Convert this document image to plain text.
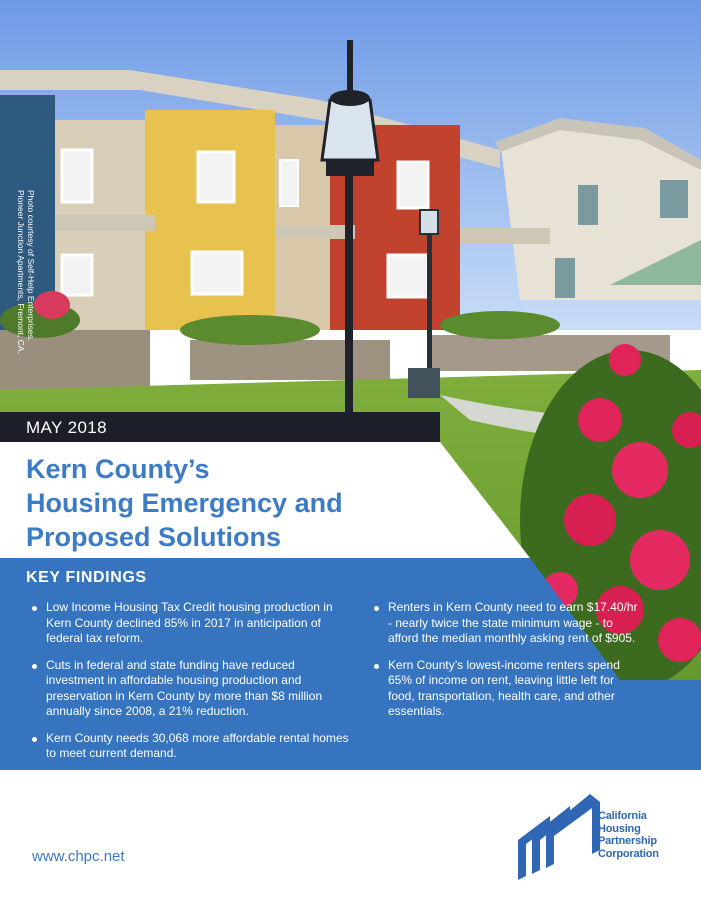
Pioneer Junction Apartments, Fremont, CA. Photo courtesy of Self-Help Enterprises.
MAY 2018
Kern County’s
Housing Emergency and
Proposed Solutions
KEY FINDINGS
Low Income Housing Tax Credit housing production in Kern County declined 85% in 2017 in anticipation of federal tax reform.
Cuts in federal and state funding have reduced investment in affordable housing production and preservation in Kern County by more than $8 million annually since 2008, a 21% reduction.
Kern County needs 30,068 more affordable rental homes to meet current demand.
Renters in Kern County need to earn $17.40/hr - nearly twice the state minimum wage - to afford the median monthly asking rent of $905.
Kern County’s lowest-income renters spend 65% of income on rent, leaving little left for food, transportation, health care, and other essentials.
www.chpc.net
California
Housing
Partnership
Corporation
